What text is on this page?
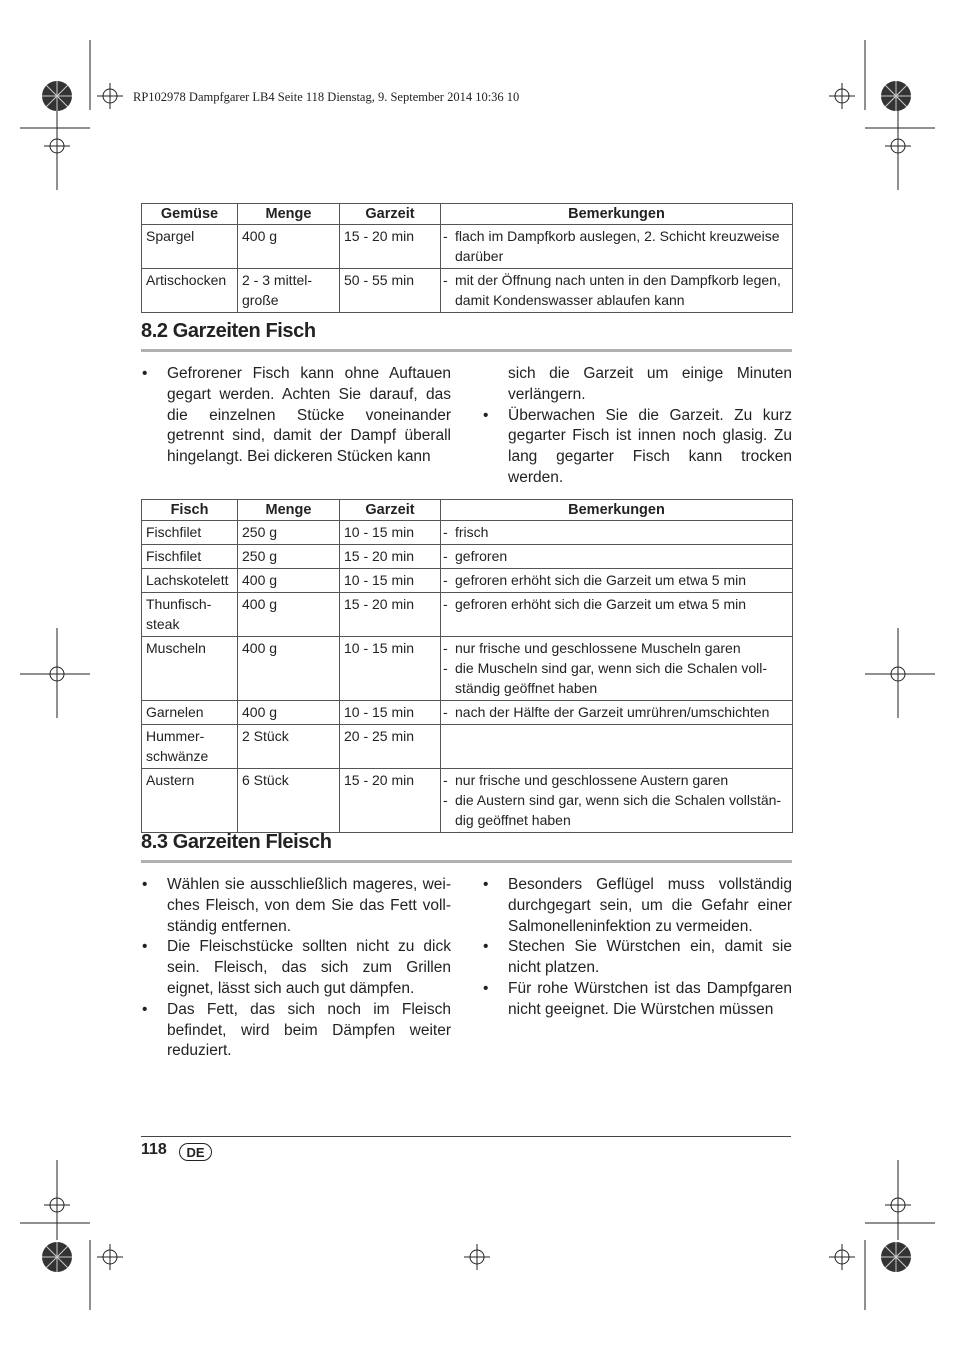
RP102978 Dampfgarer LB4 Seite 118 Dienstag, 9. September 2014 10:36 10
Gemüse	Menge	Garzeit	Bemerkungen
Spargel	400 g	15 - 20 min	- flach im Dampfkorb auslegen, 2. Schicht kreuzweise darüber

Artischocken	2 - 3 mittel-große	50 - 55 min	- mit der Öffnung nach unten in den Dampfkorb legen, damit Kondenswasser ablaufen kann
8.2 Garzeiten Fisch
• Gefrorener Fisch kann ohne Auftauen gegart werden. Achten Sie darauf, das die einzelnen Stücke voneinander getrennt sind, damit der Dampf überall hingelangt. Bei dickeren Stücken kann

sich die Garzeit um einige Minuten verlängern.

• Überwachen Sie die Garzeit. Zu kurz gegarter Fisch ist innen noch glasig. Zu lang gegarter Fisch kann trocken werden.
Fisch	Menge	Garzeit	Bemerkungen
Fischfilet	250 g	10 - 15 min	- frisch

Fischfilet	250 g	15 - 20 min	- gefroren

Lachskotelett	400 g	10 - 15 min	- gefroren erhöht sich die Garzeit um etwa 5 min

Thunfisch-steak	400 g	15 - 20 min	- gefroren erhöht sich die Garzeit um etwa 5 min

Muscheln	400 g	10 - 15 min	- nur frische und geschlossene Muscheln garen
- die Muscheln sind gar, wenn sich die Schalen voll-ständig geöffnet haben

Garnelen	400 g	10 - 15 min	- nach der Hälfte der Garzeit umrühren/umschichten

Hummer-schwänze	2 Stück	20 - 25 min	
Austern	6 Stück	15 - 20 min	- nur frische und geschlossene Austern garen
- die Austern sind gar, wenn sich die Schalen vollstän-dig geöffnet haben
8.3 Garzeiten Fleisch
• Wählen sie ausschließlich mageres, wei-ches Fleisch, von dem Sie das Fett voll-ständig entfernen.
• Die Fleischstücke sollten nicht zu dick sein. Fleisch, das sich zum Grillen eignet, lässt sich auch gut dämpfen.
• Das Fett, das sich noch im Fleisch befindet, wird beim Dämpfen weiter reduziert.
• Besonders Geflügel muss vollständig durchgegart sein, um die Gefahr einer Salmonelleninfektion zu vermeiden.
• Stechen Sie Würstchen ein, damit sie nicht platzen.
• Für rohe Würstchen ist das Dampfgaren nicht geeignet. Die Würstchen müssen
118	DE
